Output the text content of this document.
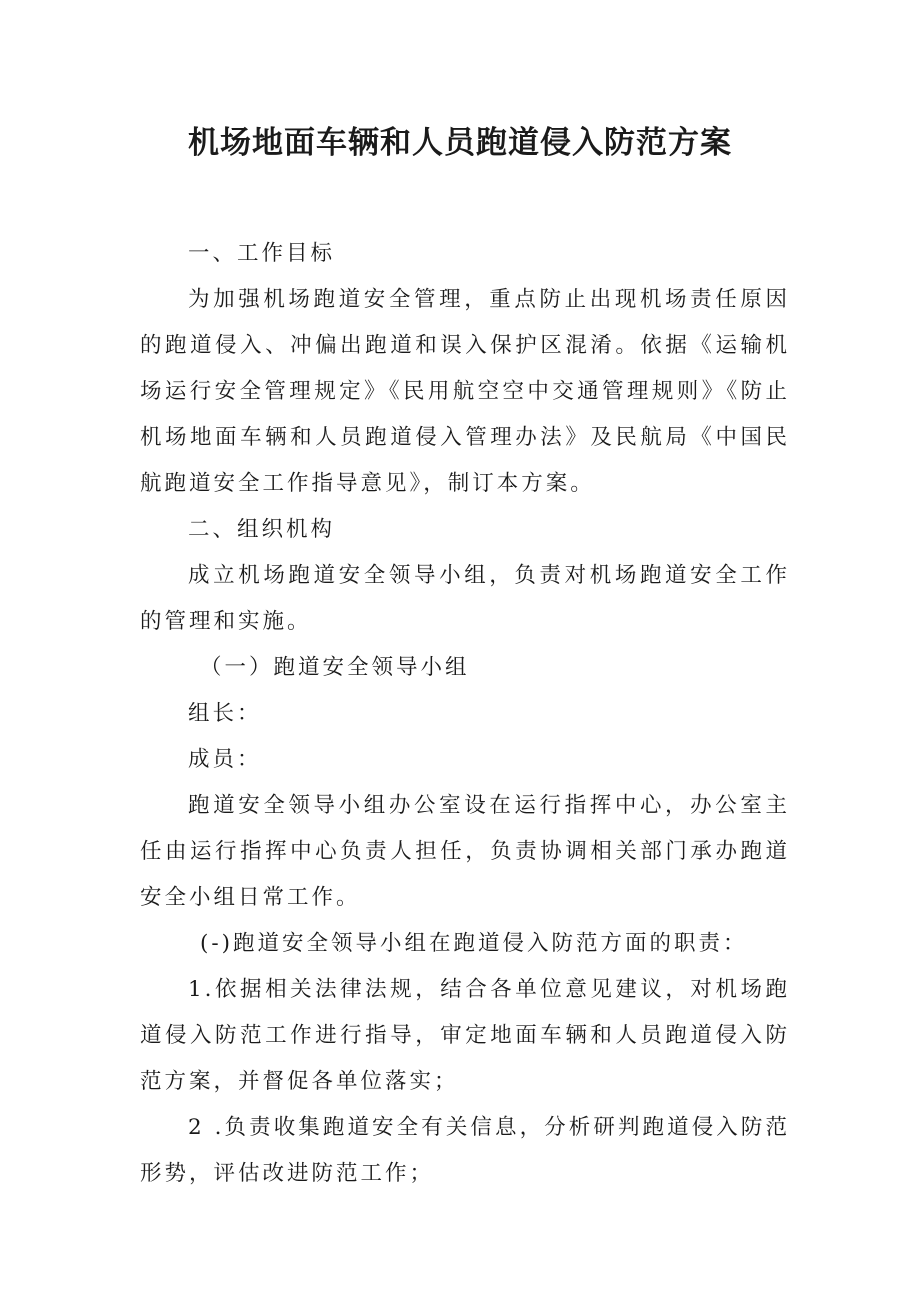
机场地面车辆和人员跑道侵入防范方案

一、工作目标

为加强机场跑道安全管理，重点防止出现机场责任原因的跑道侵入、冲偏出跑道和误入保护区混淆。依据《运输机场运行安全管理规定》《民用航空空中交通管理规则》《防止机场地面车辆和人员跑道侵入管理办法》及民航局《中国民航跑道安全工作指导意见》，制订本方案。

二、组织机构

成立机场跑道安全领导小组，负责对机场跑道安全工作的管理和实施。

（一）跑道安全领导小组

组长：

成员：

跑道安全领导小组办公室设在运行指挥中心，办公室主任由运行指挥中心负责人担任，负责协调相关部门承办跑道安全小组日常工作。

(-)跑道安全领导小组在跑道侵入防范方面的职责：

1.依据相关法律法规，结合各单位意见建议，对机场跑道侵入防范工作进行指导，审定地面车辆和人员跑道侵入防范方案，并督促各单位落实；

2 .负责收集跑道安全有关信息，分析研判跑道侵入防范形势，评估改进防范工作；
